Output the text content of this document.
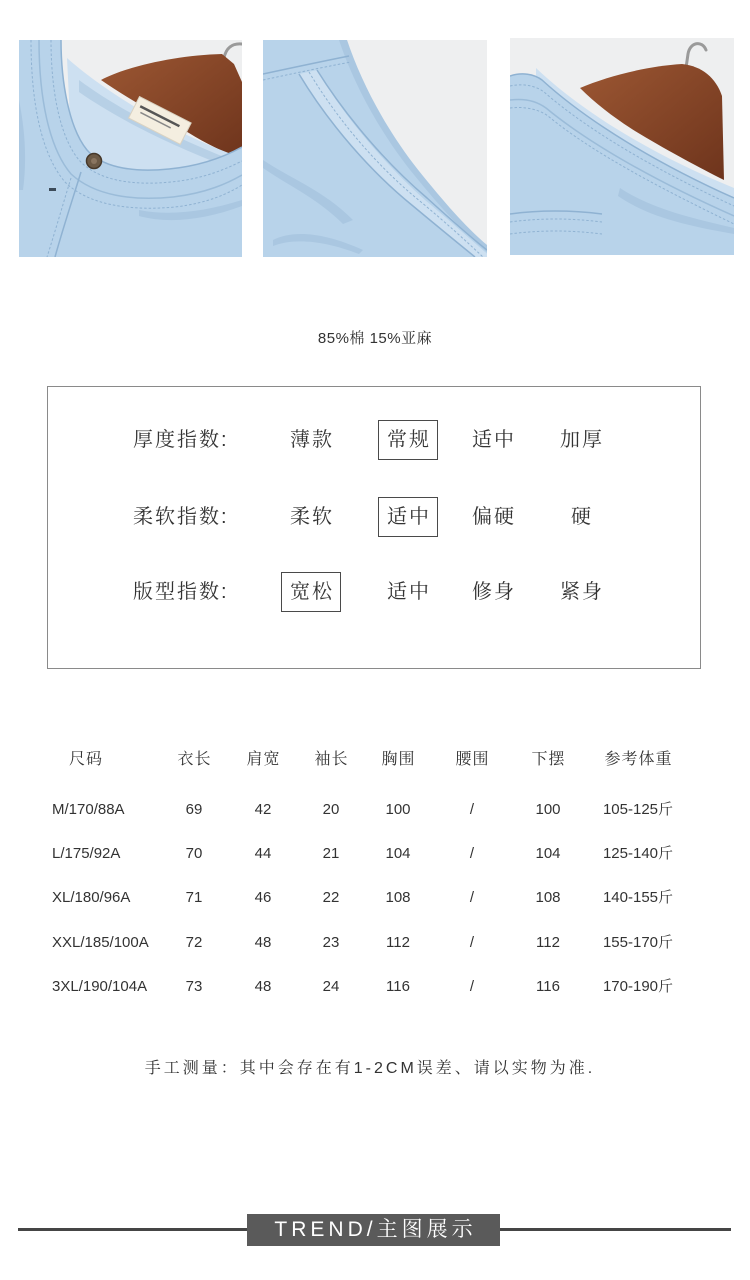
85%棉 15%亚麻
厚度指数:	薄款	常规	适中	加厚
柔软指数:	柔软	适中	偏硬	硬
版型指数:	宽松	适中	修身	紧身
尺码	衣长	肩宽	袖长	胸围	腰围	下摆	参考体重
M/170/88A	69	42	20	100	/	100	105-125斤
L/175/92A	70	44	21	104	/	104	125-140斤
XL/180/96A	71	46	22	108	/	108	140-155斤
XXL/185/100A	72	48	23	112	/	112	155-170斤
3XL/190/104A	73	48	24	116	/	116	170-190斤
手工测量：其中会存在有1-2CM误差、请以实物为准.
TREND/主图展示
